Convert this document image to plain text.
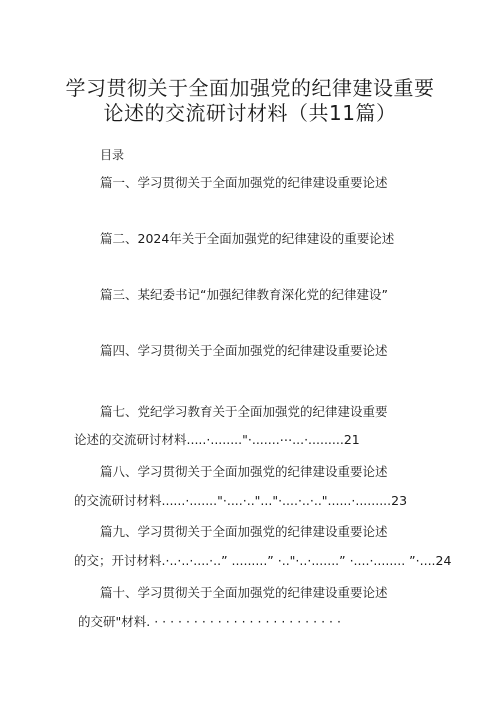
学习贯彻关于全面加强党的纪律建设重要
论述的交流研讨材料（共11篇）
目录
篇一、学习贯彻关于全面加强党的纪律建设重要论述
篇二、2024年关于全面加强党的纪律建设的重要论述
篇三、某纪委书记“加强纪律教育深化党的纪律建设”
篇四、学习贯彻关于全面加强党的纪律建设重要论述
篇七、党纪学习教育关于全面加强党的纪律建设重要
论述的交流研讨材料.....·........"·.......⋯...·.........21
篇八、学习贯彻关于全面加强党的纪律建设重要论述
的交流研讨材料......·......."·....·.."..."·....·..·.."......·.........23
篇九、学习贯彻关于全面加强党的纪律建设重要论述
的交；开讨材料.·..·..·....·..” .........” ·.."·..·.......” ·....·........ ”·....24
篇十、学习贯彻关于全面加强党的纪律建设重要论述
的交研"材料. · · · · · · · · · · · · · · · · · · · · · · · ·
